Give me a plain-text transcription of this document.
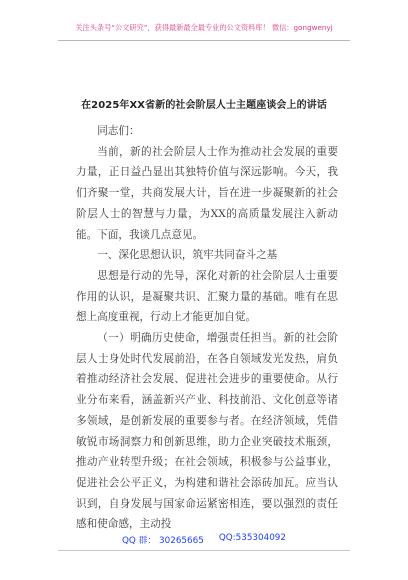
关注头条号“公文研究”，获得最新最全最专业的公文资料库！ 微信：gongwenyj
在2025年XX省新的社会阶层人士主题座谈会上的讲话

同志们：

当前，新的社会阶层人士作为推动社会发展的重要力量，正日益凸显出其独特价值与深远影响。今天，我们齐聚一堂，共商发展大计，旨在进一步凝聚新的社会阶层人士的智慧与力量，为XX的高质量发展注入新动能。下面，我谈几点意见。

一、深化思想认识，筑牢共同奋斗之基

思想是行动的先导，深化对新的社会阶层人士重要作用的认识，是凝聚共识、汇聚力量的基础。唯有在思想上高度重视，行动上才能更加自觉。

（一）明确历史使命，增强责任担当。新的社会阶层人士身处时代发展前沿，在各自领域发光发热，肩负着推动经济社会发展、促进社会进步的重要使命。从行业分布来看，涵盖新兴产业、科技前沿、文化创意等诸多领域，是创新发展的重要参与者。在经济领域，凭借敏锐市场洞察力和创新思维，助力企业突破技术瓶颈，推动产业转型升级；在社会领域，积极参与公益事业，促进社会公平正义，为构建和谐社会添砖加瓦。应当认识到，自身发展与国家命运紧密相连，要以强烈的责任感和使命感，主动投

QQ 群： 30265665 QQ:535304092
